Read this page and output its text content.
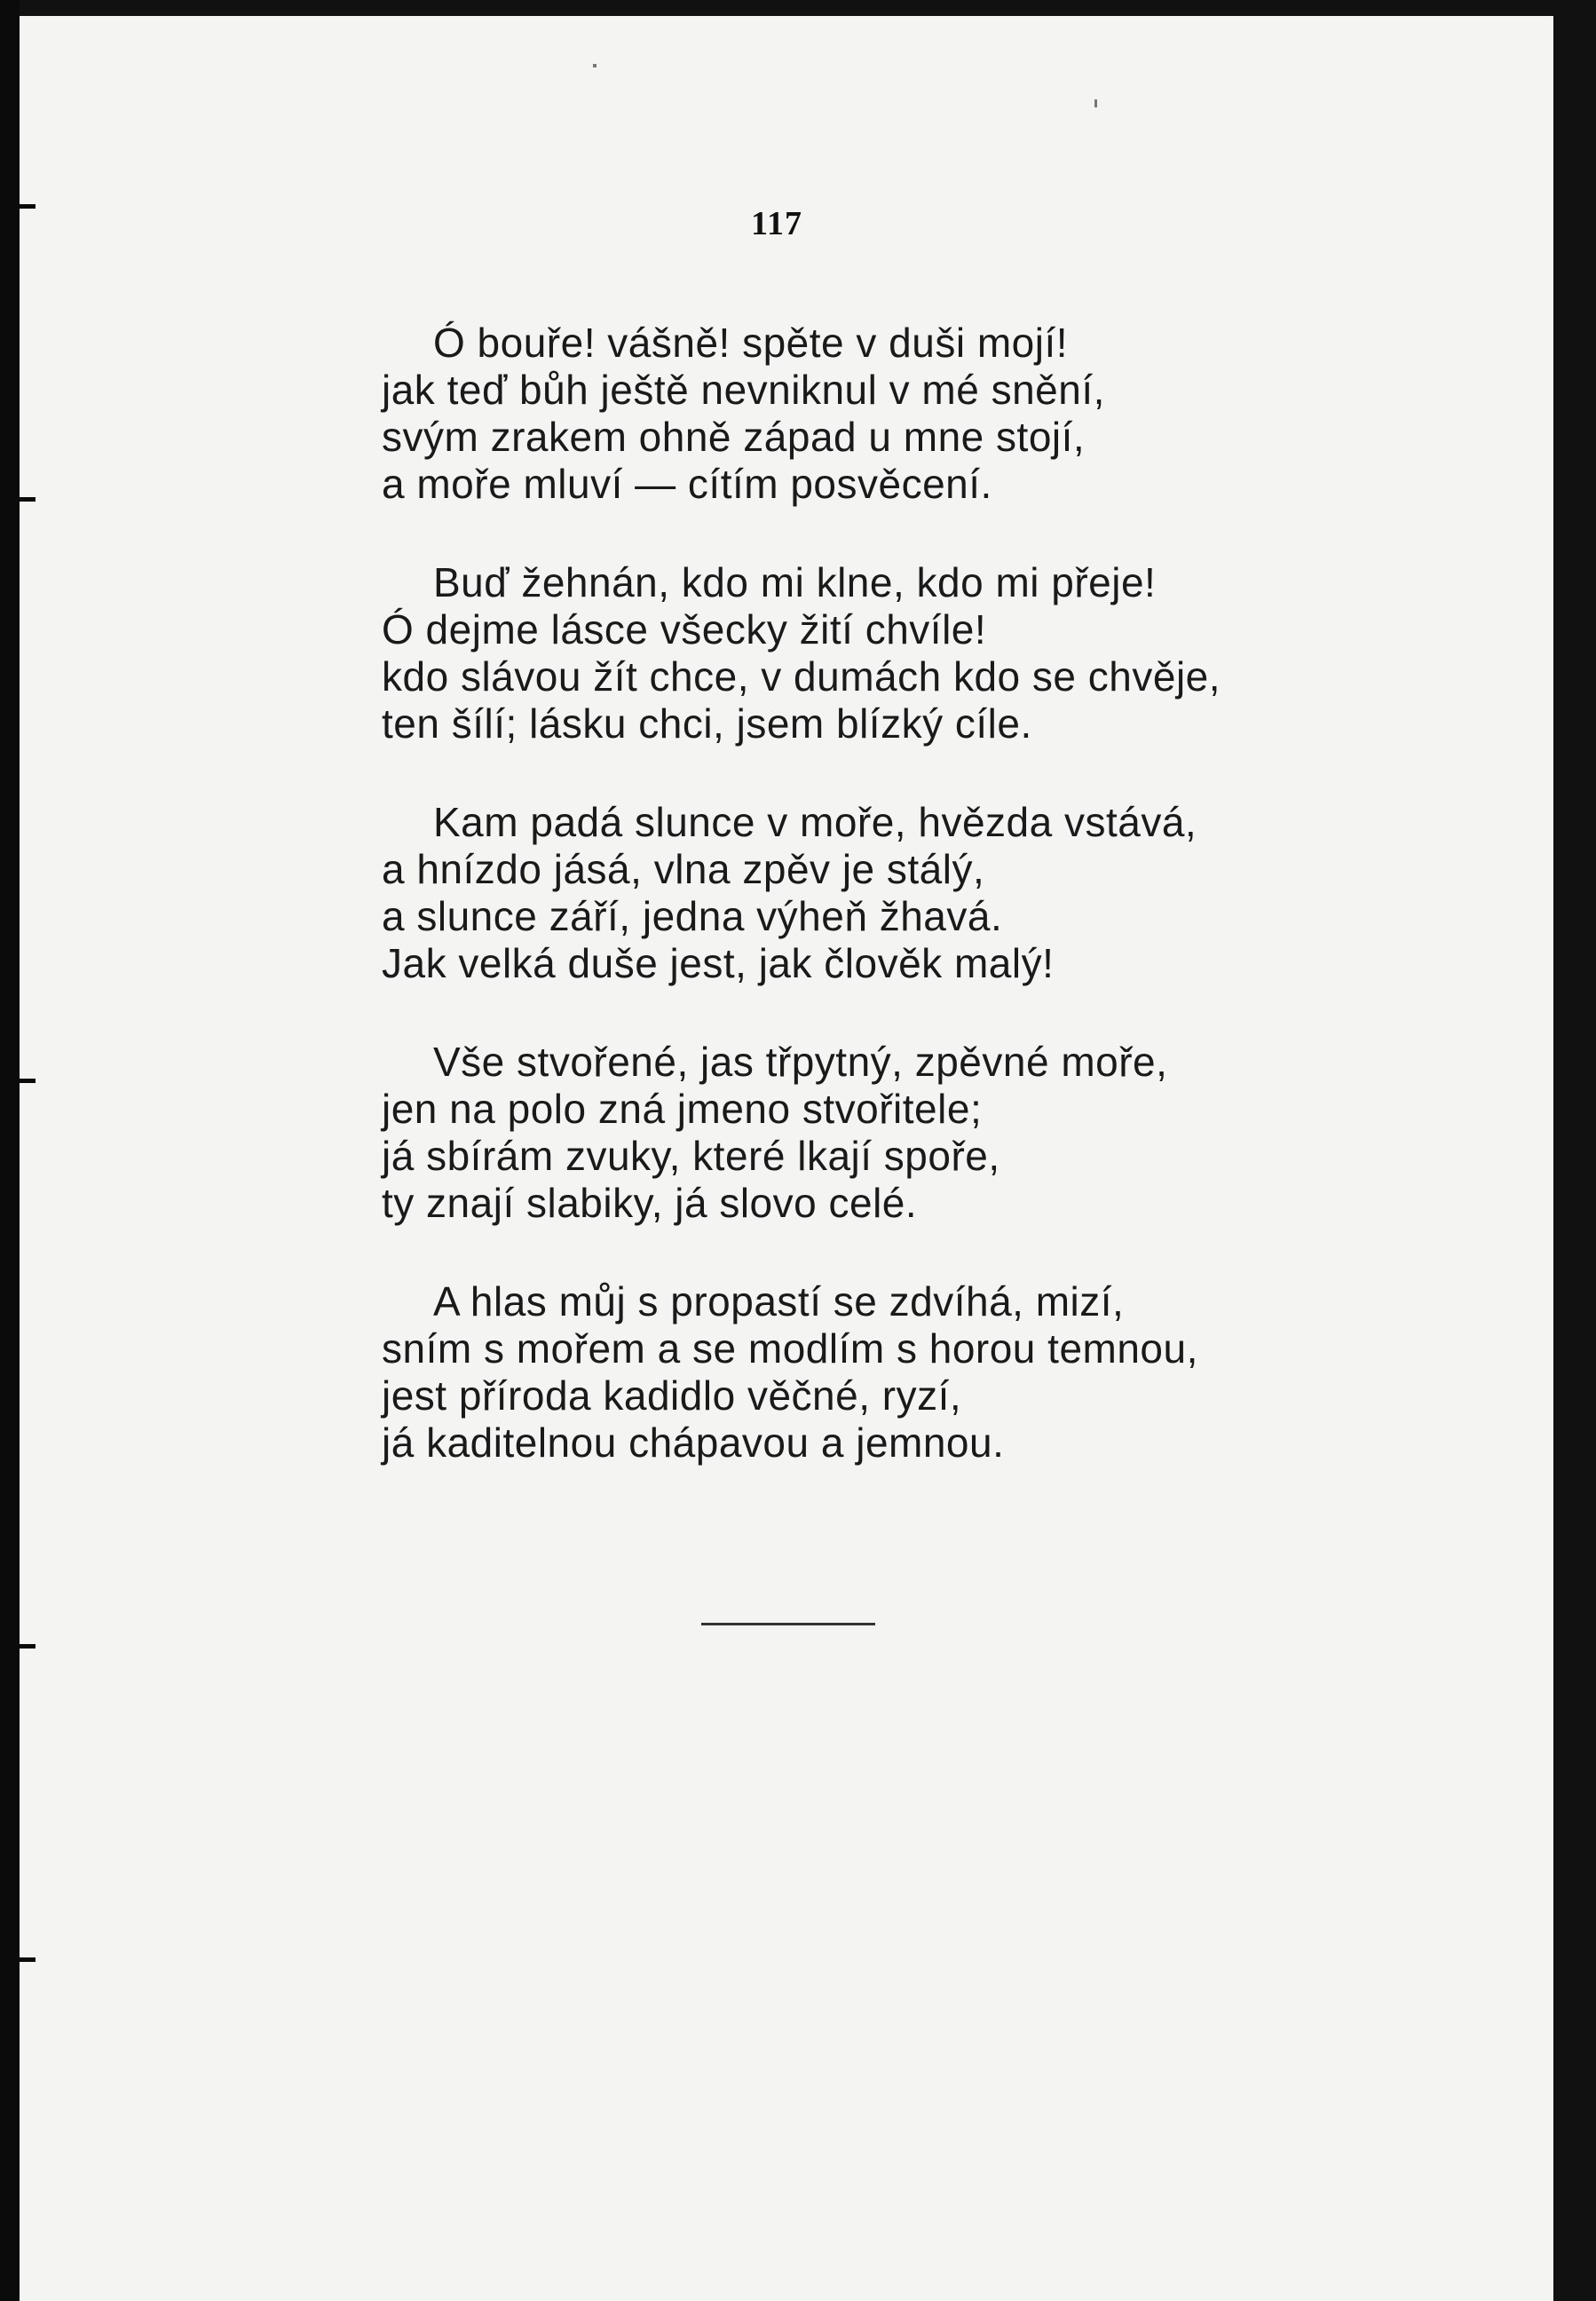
117
Ó bouře! vášně! spěte v duši mojí!
jak teď bůh ještě nevniknul v mé snění,
svým zrakem ohně západ u mne stojí,
a moře mluví — cítím posvěcení.
Buď žehnán, kdo mi klne, kdo mi přeje!
Ó dejme lásce všecky žití chvíle!
kdo slávou žít chce, v dumách kdo se chvěje,
ten šílí; lásku chci, jsem blízký cíle.
Kam padá slunce v moře, hvězda vstává,
a hnízdo jásá, vlna zpěv je stálý,
a slunce září, jedna výheň žhavá.
Jak velká duše jest, jak člověk malý!
Vše stvořené, jas třpytný, zpěvné moře,
jen na polo zná jmeno stvořitele;
já sbírám zvuky, které lkají spoře,
ty znají slabiky, já slovo celé.
A hlas můj s propastí se zdvíhá, mizí,
sním s mořem a se modlím s horou temnou,
jest příroda kadidlo věčné, ryzí,
já kaditelnou chápavou a jemnou.
